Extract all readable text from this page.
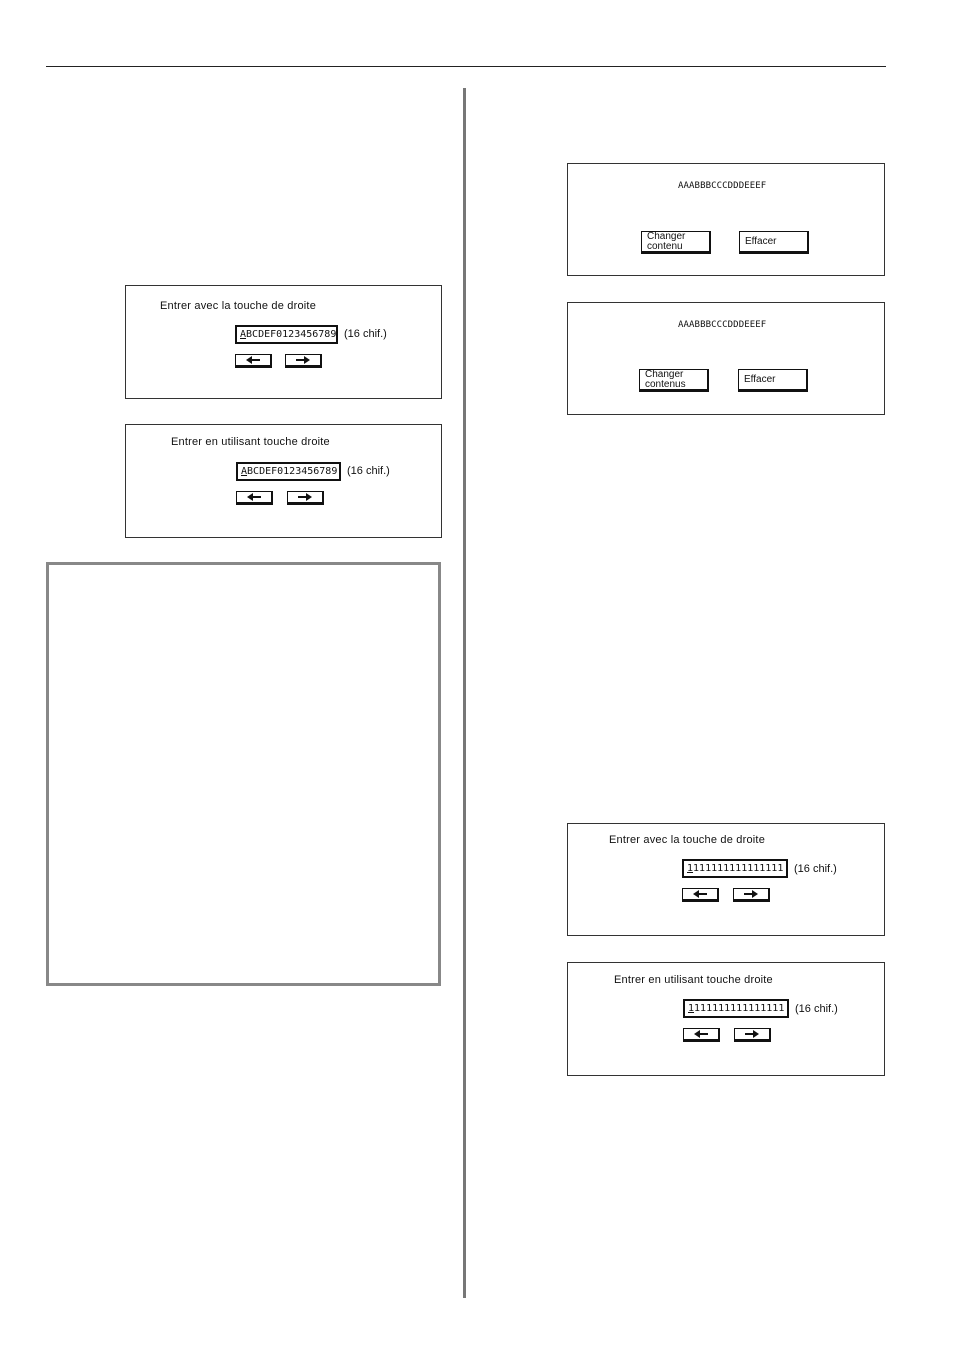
Entrer avec la touche de droite
ABCDEF0123456789 (16 chif.)
Entrer en utilisant touche droite
ABCDEF0123456789 (16 chif.)
AAABBBCCCDDDEEEF
Changer
contenu	Effacer
AAABBBCCCDDDEEEF
Changer
contenus	Effacer
Entrer avec la touche de droite
1111111111111111 (16 chif.)
Entrer en utilisant touche droite
1111111111111111 (16 chif.)
